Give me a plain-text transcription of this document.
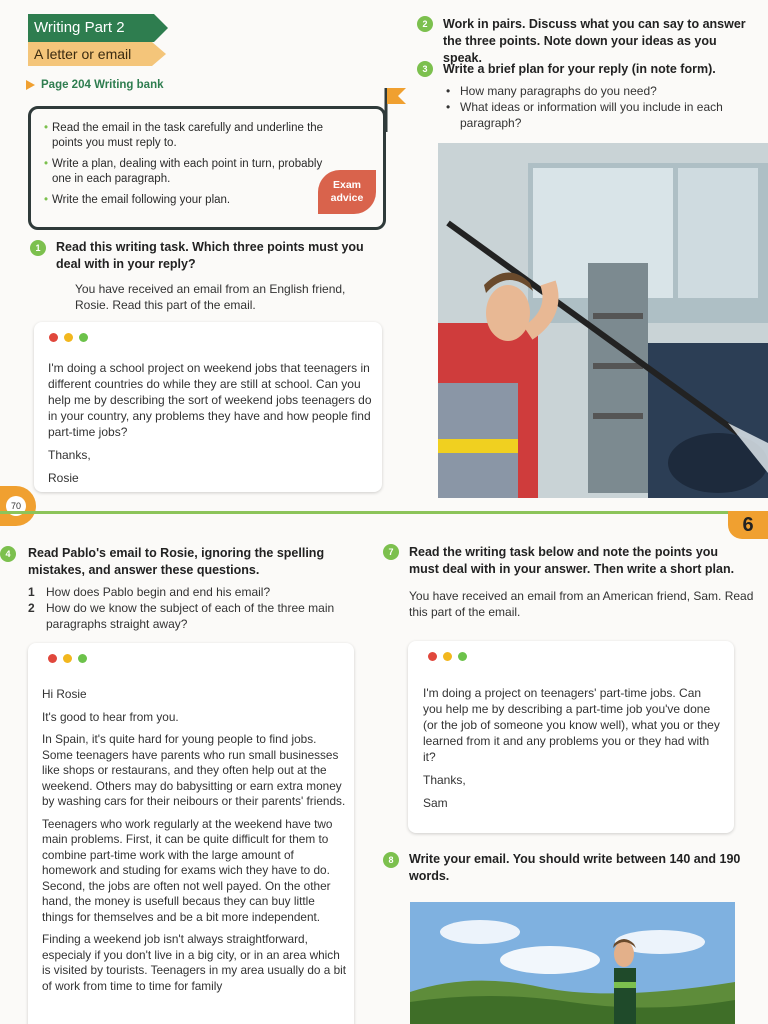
Writing Part 2
A letter or email
Page 204 Writing bank
Exam
advice
• Read the email in the task carefully and underline the points you must reply to.
• Write a plan, dealing with each point in turn, probably one in each paragraph.
• Write the email following your plan.
1	Read this writing task. Which three points must you deal with in your reply?
You have received an email from an English friend, Rosie. Read this part of the email.

I'm doing a school project on weekend jobs that teenagers in different countries do while they are still at school. Can you help me by describing the sort of weekend jobs teenagers do in your country, any problems they have and how people find part-time jobs?

Thanks,

Rosie

2	Work in pairs. Discuss what you can say to answer the three points. Note down your ideas as you speak.
3	Write a brief plan for your reply (in note form).
• How many paragraphs do you need?
• What ideas or information will you include in each paragraph?
70
6
4	Read Pablo's email to Rosie, ignoring the spelling mistakes, and answer these questions.
1 How does Pablo begin and end his email?
2 How do we know the subject of each of the three main paragraphs straight away?

Hi Rosie

It's good to hear from you.

In Spain, it's quite hard for young people to find jobs. Some teenagers have parents who run small businesses like shops or restaurans, and they often help out at the weekend. Others may do babysitting or earn extra money by washing cars for their neibours or their parents' friends.

Teenagers who work regularly at the weekend have two main problems. First, it can be quite difficult for them to combine part-time work with the large amount of homework and studing for exams wich they have to do. Second, the jobs are often not well payed. On the other hand, the money is usefull becaus they can buy little things for themselves and be a bit more independent.

Finding a weekend job isn't always straightforward, especialy if you don't live in a big city, or in an area which is visited by tourists. Teenagers in my area usually do a bit of work from time to time for family

7	Read the writing task below and note the points you must deal with in your answer. Then write a short plan.
You have received an email from an American friend, Sam. Read this part of the email.

I'm doing a project on teenagers' part-time jobs. Can you help me by describing a part-time job you've done (or the job of someone you know well), what you or they learned from it and any problems you or they had with it?

Thanks,

Sam

8	Write your email. You should write between 140 and 190 words.
